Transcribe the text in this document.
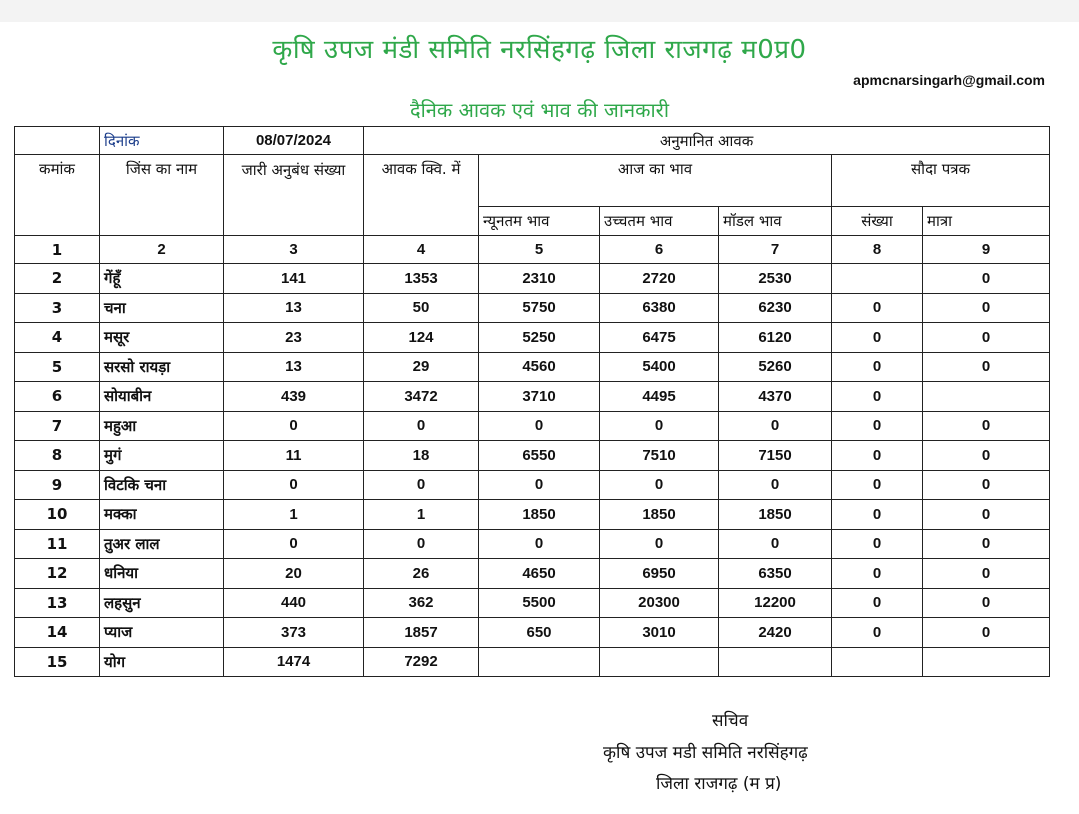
कृषि उपज मंडी समिति नरसिंहगढ़ जिला राजगढ़ म0प्र0
apmcnarsingarh@gmail.com
दैनिक आवक एवं भाव की जानकारी
	दिनांक	08/07/2024	अनुमानित आवक					
कमांक	जिंस का नाम	जारी अनुबंध संख्या	आवक क्वि. में	आज का भाव			सौदा पत्रक	
				न्यूनतम भाव	उच्चतम भाव	मॉडल भाव	संख्या	मात्रा
1	2	3	4	5	6	7	8	9
2	गेंहूँ	141	1353	2310	2720	2530		0
3	चना	13	50	5750	6380	6230	0	0
4	मसूर	23	124	5250	6475	6120	0	0
5	सरसो रायड़ा	13	29	4560	5400	5260	0	0
6	सोयाबीन	439	3472	3710	4495	4370	0	
7	महुआ	0	0	0	0	0	0	0
8	मुगं	11	18	6550	7510	7150	0	0
9	विटकि चना	0	0	0	0	0	0	0
10	मक्का	1	1	1850	1850	1850	0	0
11	तुअर लाल	0	0	0	0	0	0	0
12	धनिया	20	26	4650	6950	6350	0	0
13	लहसुन	440	362	5500	20300	12200	0	0
14	प्याज	373	1857	650	3010	2420	0	0
15	योग	1474	7292					
सचिव
कृषि उपज मडी समिति नरसिंहगढ़
जिला राजगढ़ (म प्र)
